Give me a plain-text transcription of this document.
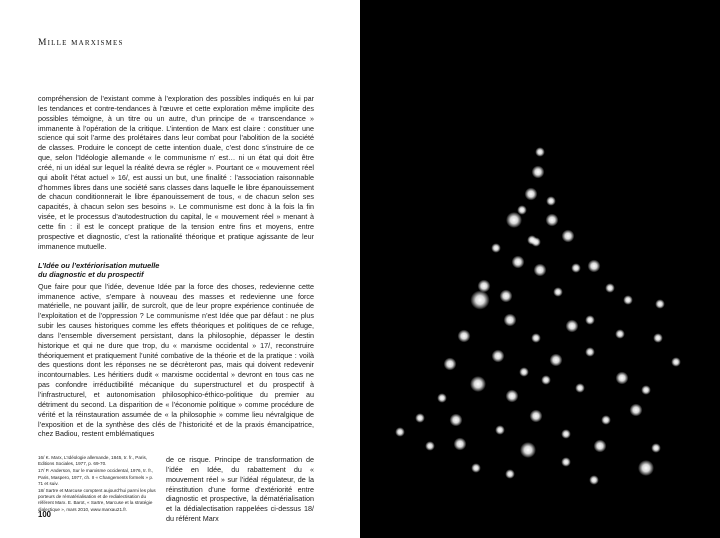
Mille marxismes

compréhension de l’existant comme à l’exploration des possibles indiqués en lui par les tendances et contre-tendances à l’œuvre et cette exploration même implicite des possibles témoigne, à un titre ou un autre, d’un principe de « transcendance » immanente à l’opération de la critique. L’intention de Marx est claire : constituer une science qui soit l’arme des prolétaires dans leur combat pour l’abolition de la société de classes. Produire le concept de cette intention duale, c’est donc s’instruire de ce que, selon l’Idéologie allemande « le communisme n’ est… ni un état qui doit être créé, ni un idéal sur lequel la réalité devra se régler ». Pourtant ce « mouvement réel qui abolit l’état actuel » 16/, est aussi un but, une finalité : l’association raisonnable d’hommes libres dans une société sans classes dans laquelle le libre épanouissement de chacun conditionnerait le libre épanouissement de tous, « de chacun selon ses capacités, à chacun selon ses besoins ». Le communisme est donc à la fois la fin visée, et le processus d’autodestruction du capital, le « mouvement réel » menant à cette fin : il est le concept pratique de la tension entre fins et moyens, entre prospective et diagnostic, c’est la rationalité théorique et pratique agissante de leur immanence mutuelle.

L’Idée ou l’extériorisation mutuelle
du diagnostic et du prospectif

Que faire pour que l’idée, devenue Idée par la force des choses, redevienne cette immanence active, s’empare à nouveau des masses et redevienne une force matérielle, ne pouvant jaillir, de surcroît, que de leur propre expérience continuée de l’exploitation et de l’oppression ? Le communisme n’est Idée que par défaut : ne plus subir les causes historiques comme les effets théoriques et politiques de ce refuge, dans l’ensemble diversement persistant, dans la philosophie, dépasser le destin historique et qui ne dure que trop, du « marxisme occidental » 17/, reconstruire théoriquement et pratiquement l’unité combative de la théorie et de la pratique : voilà des questions dont les réponses ne se décrèteront pas, mais qui doivent redevenir incontournables. Les héritiers dudit « marxisme occidental » devront en tous cas ne pas confondre irréductibilité mécanique du superstructurel et du prospectif à l’infrastructurel, et autonomisation philosophico-éthico-politique du premier au détriment du second. La disparition de « l’économie politique » comme procédure de vérité et la réinstauration assumée de « la philosophie » comme lieu névralgique de l’exposition et de la synthèse des clés de l’historicité et de la praxis émancipatrice, chez Badiou, restent emblématiques

16/ K. Marx, L’Idéologie allemande, 1845, tr. fr., Paris, Editions Sociales, 1977, p. 69-70.
17/ P. Anderson, Sur le marxisme occidental, 1976, tr. fr., Paris, Maspero, 1977, ch. II « Changements formels » p. 71 et suiv.
18/ Sartre et Marcuse comptent aujourd’hui parmi les plus porteurs de rématérialisation et de redialectisation du référent Marx. E. Barot, « Sartre, Marcuse et la stratégie dialectique », mars 2010, www.marxau21.fr.
de ce risque. Principe de transformation de l’idée en Idée, du rabattement du « mouvement réel » sur l’idéal régulateur, de la réinstitution d’une forme d’extériorité entre diagnostic et prospective, la dématérialisation et la dédialectisation rappelées ci-dessus 18/ du référent Marx
100
